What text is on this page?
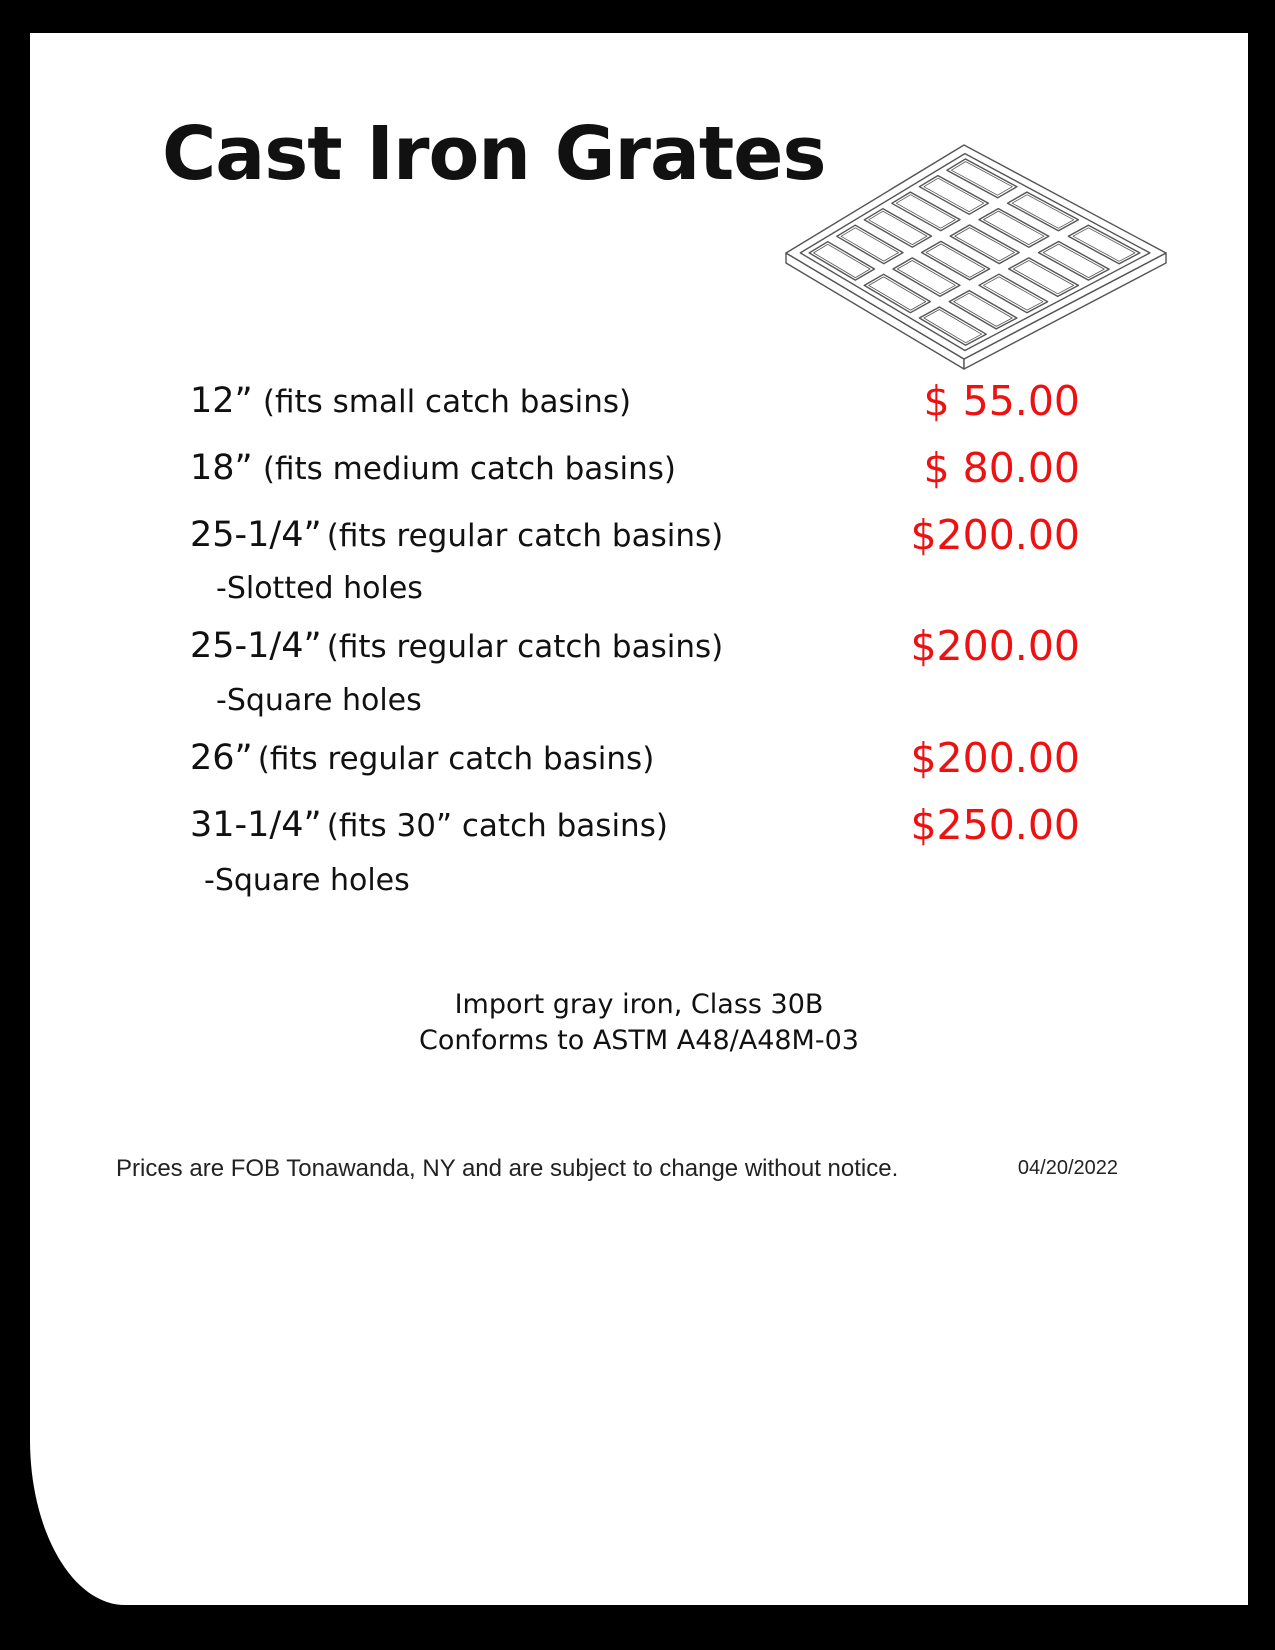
Cast Iron Grates
12” (fits small catch basins)	$ 55.00
18” (fits medium catch basins)	$ 80.00
25-1/4” (fits regular catch basins)	$200.00
-Slotted holes
25-1/4” (fits regular catch basins)	$200.00
-Square holes
26” (fits regular catch basins)	$200.00
31-1/4” (fits 30” catch basins)	$250.00
-Square holes
Import gray iron, Class 30B
Conforms to ASTM A48/A48M-03
Prices are FOB Tonawanda, NY and are subject to change without notice.	04/20/2022
